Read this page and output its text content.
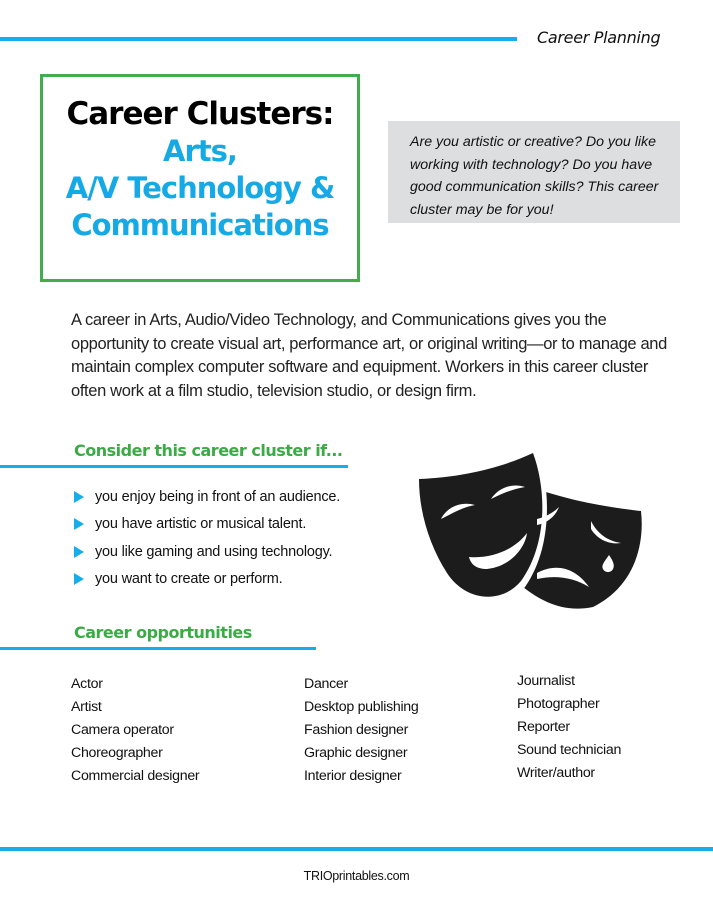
Career Planning
Career Clusters:
Arts,
A/V Technology &
Communications
Are you artistic or creative? Do you like working with technology? Do you have good communication skills? This career cluster may be for you!

A career in Arts, Audio/Video Technology, and Communications gives you the opportunity to create visual art, performance art, or original writing—or to manage and maintain complex computer software and equipment. Workers in this career cluster often work at a film studio, television studio, or design firm.

Consider this career cluster if...
you enjoy being in front of an audience.
you have artistic or musical talent.
you like gaming and using technology.
you want to create or perform.
Career opportunities
Actor
Artist
Camera operator
Choreographer
Commercial designer
Dancer
Desktop publishing
Fashion designer
Graphic designer
Interior designer
Journalist
Photographer
Reporter
Sound technician
Writer/author
TRIOprintables.com
